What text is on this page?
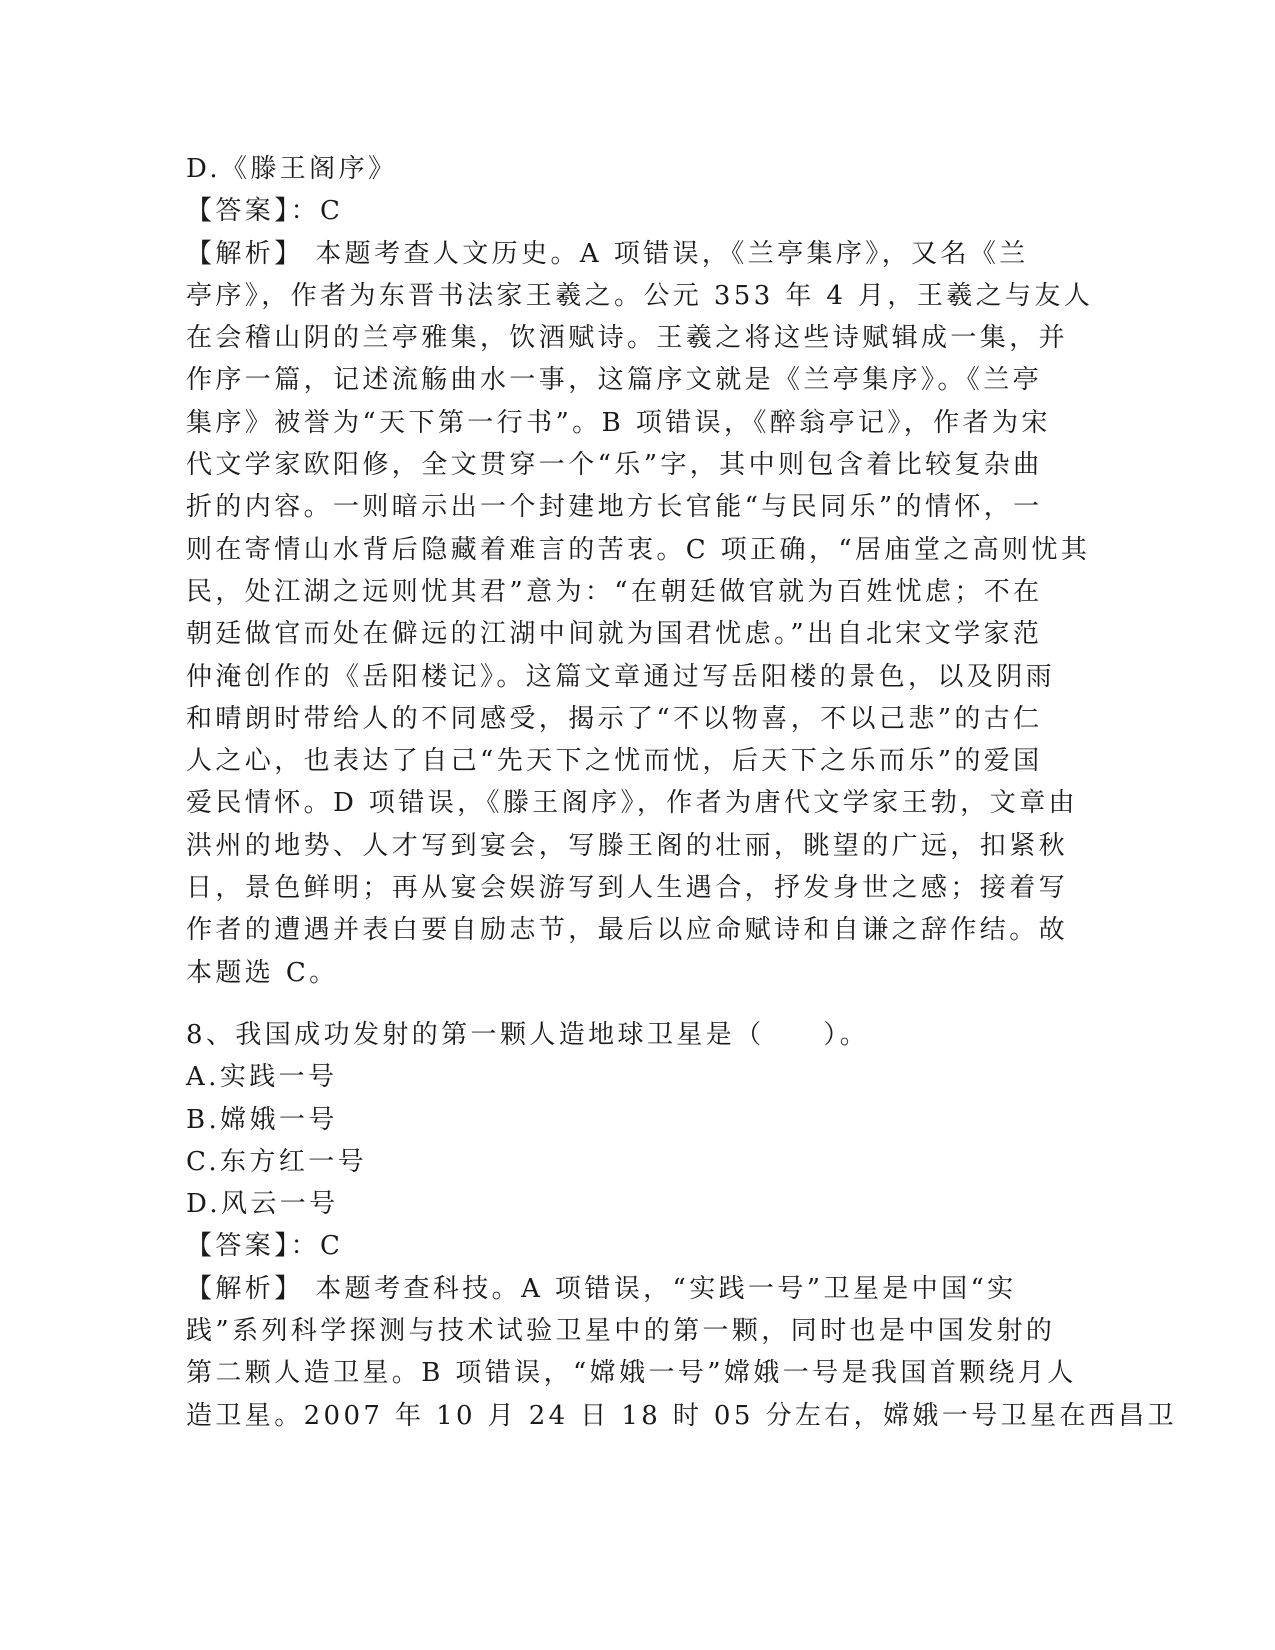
D.《滕王阁序》
【答案】：C
【解析】 本题考查人文历史。A 项错误，《兰亭集序》，又名《兰
亭序》，作者为东晋书法家王羲之。公元 353 年 4 月，王羲之与友人
在会稽山阴的兰亭雅集，饮酒赋诗。王羲之将这些诗赋辑成一集，并
作序一篇，记述流觞曲水一事，这篇序文就是《兰亭集序》。《兰亭
集序》被誉为“天下第一行书”。B 项错误，《醉翁亭记》，作者为宋
代文学家欧阳修，全文贯穿一个“乐”字，其中则包含着比较复杂曲
折的内容。一则暗示出一个封建地方长官能“与民同乐”的情怀，一
则在寄情山水背后隐藏着难言的苦衷。C 项正确，“居庙堂之高则忧其
民，处江湖之远则忧其君”意为：“在朝廷做官就为百姓忧虑；不在
朝廷做官而处在僻远的江湖中间就为国君忧虑。”出自北宋文学家范
仲淹创作的《岳阳楼记》。这篇文章通过写岳阳楼的景色，以及阴雨
和晴朗时带给人的不同感受，揭示了“不以物喜，不以己悲”的古仁
人之心，也表达了自己“先天下之忧而忧，后天下之乐而乐”的爱国
爱民情怀。D 项错误，《滕王阁序》，作者为唐代文学家王勃，文章由
洪州的地势、人才写到宴会，写滕王阁的壮丽，眺望的广远，扣紧秋
日，景色鲜明；再从宴会娱游写到人生遇合，抒发身世之感；接着写
作者的遭遇并表白要自励志节，最后以应命赋诗和自谦之辞作结。故
本题选 C。
8、我国成功发射的第一颗人造地球卫星是（　　）。
A.实践一号
B.嫦娥一号
C.东方红一号
D.风云一号
【答案】：C
【解析】 本题考查科技。A 项错误，“实践一号”卫星是中国“实
践”系列科学探测与技术试验卫星中的第一颗，同时也是中国发射的
第二颗人造卫星。B 项错误，“嫦娥一号”嫦娥一号是我国首颗绕月人
造卫星。2007 年 10 月 24 日 18 时 05 分左右，嫦娥一号卫星在西昌卫
